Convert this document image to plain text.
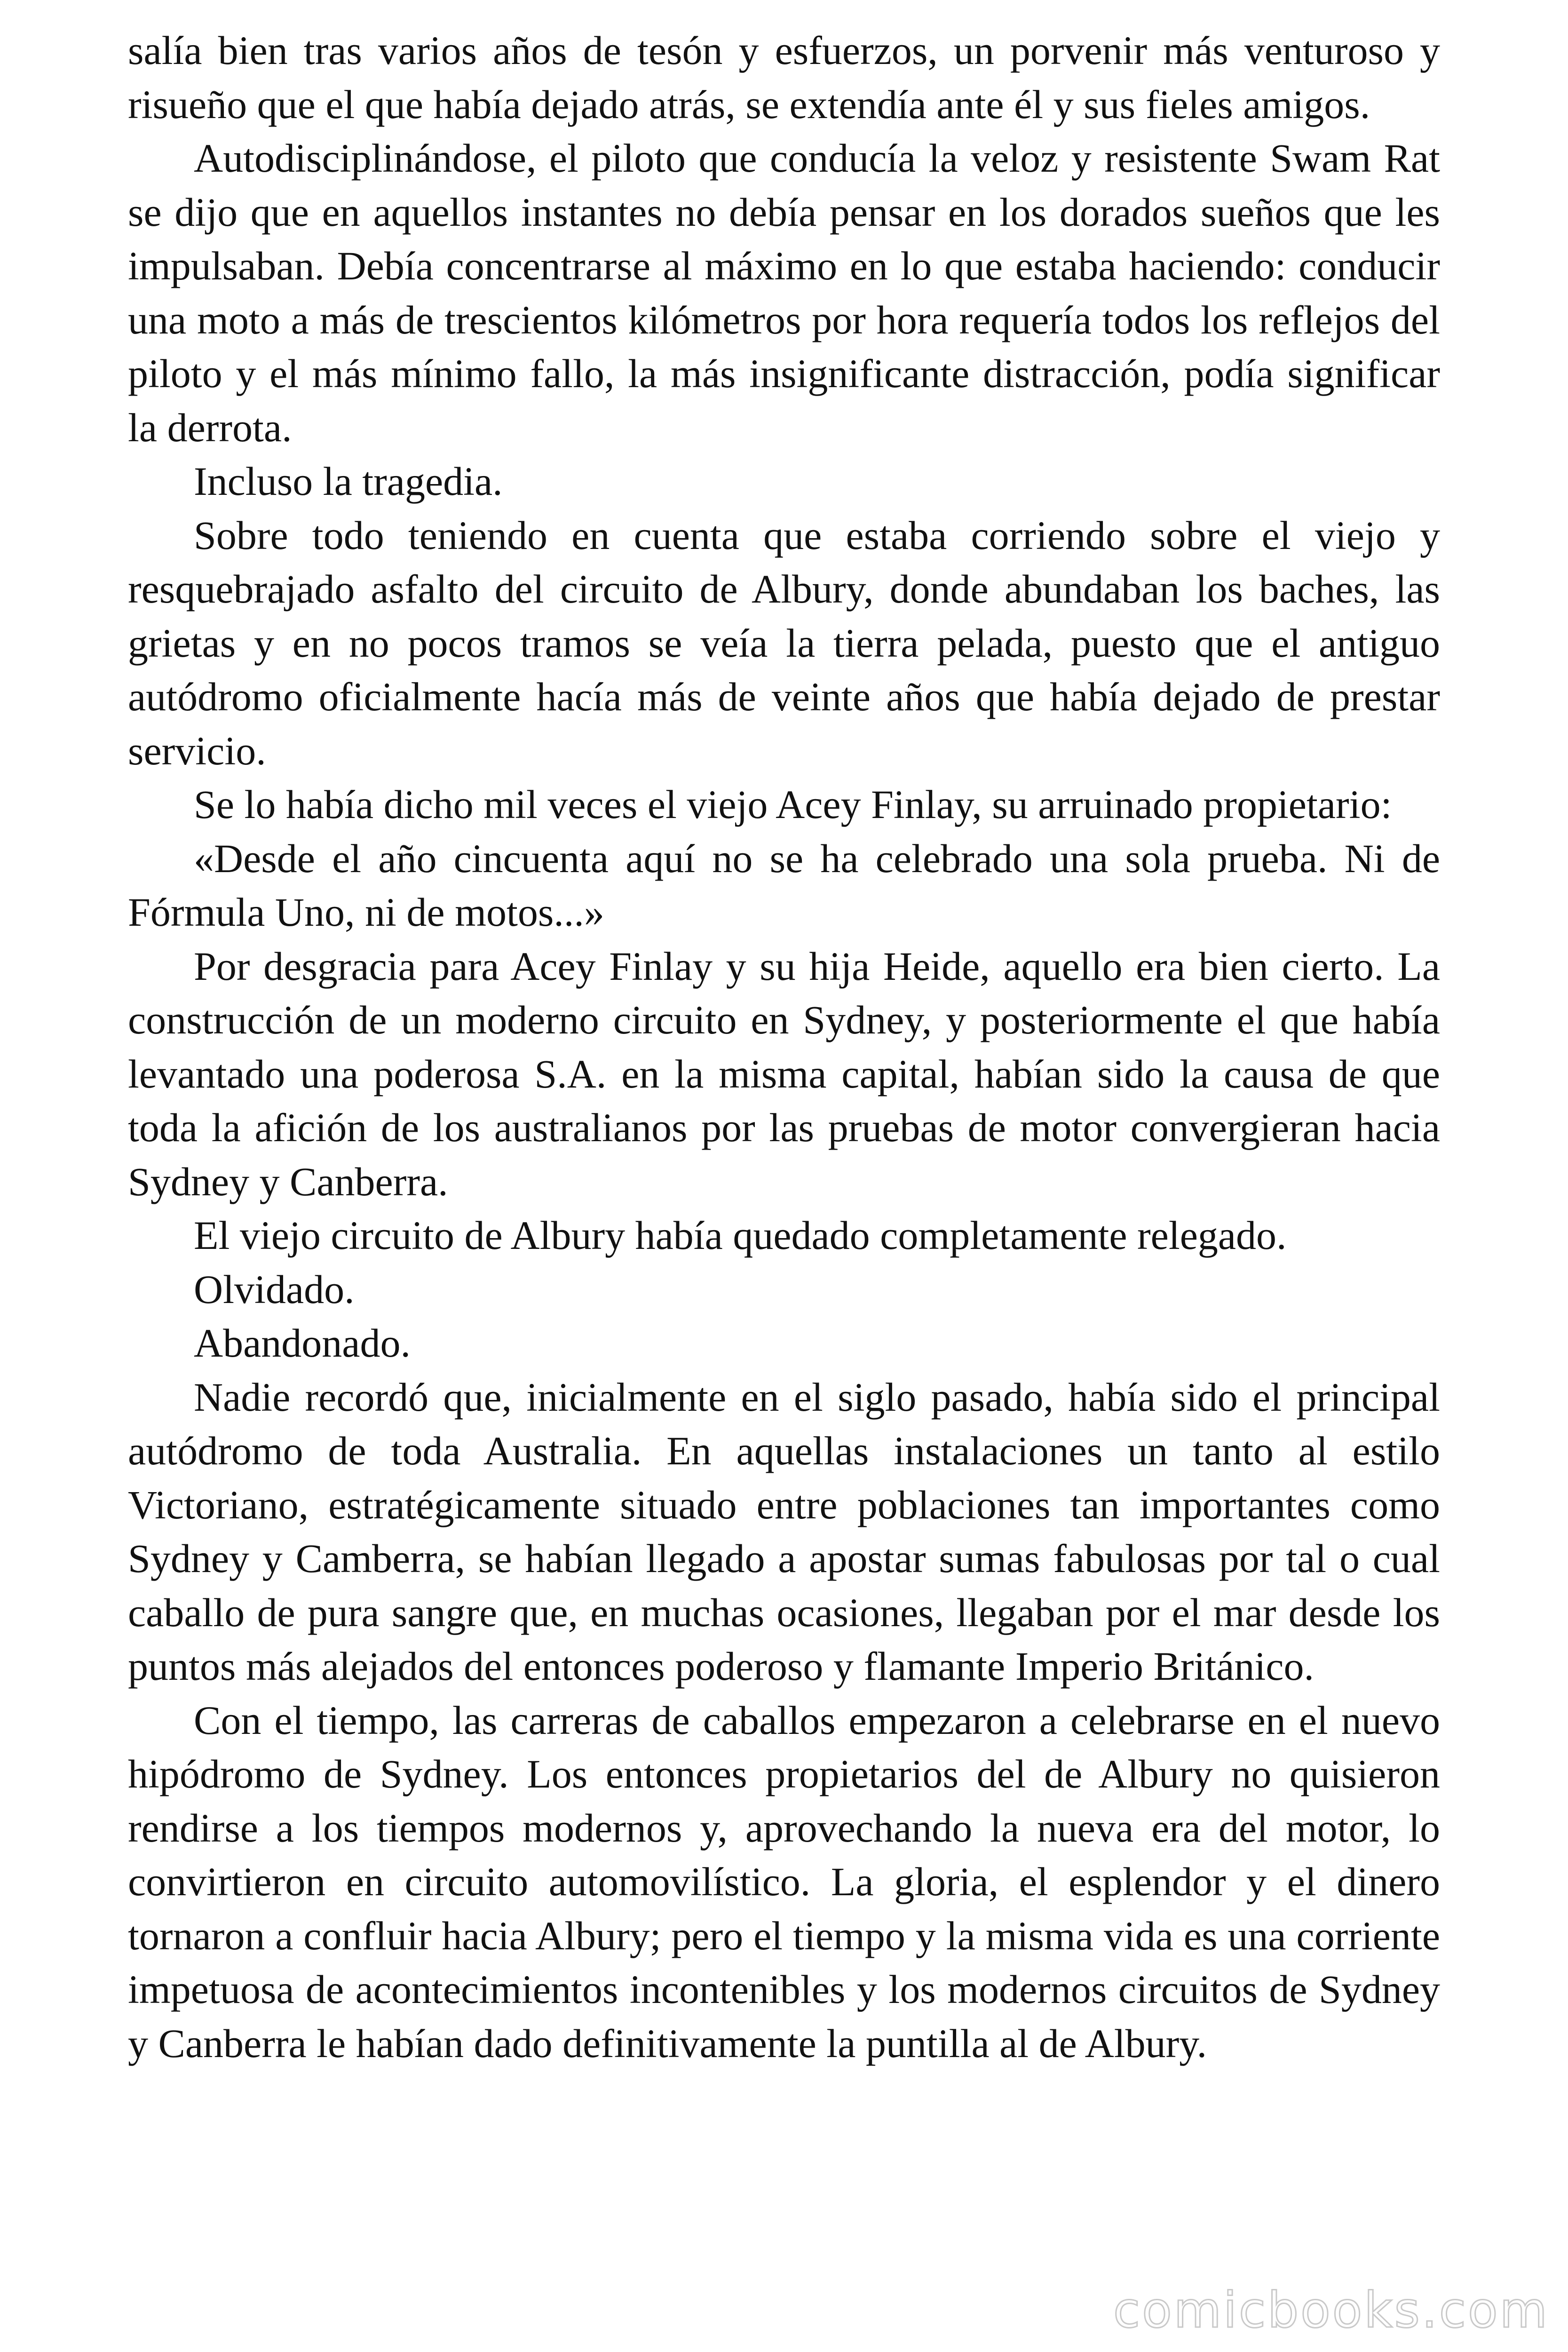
salía bien tras varios años de tesón y esfuerzos, un porvenir más venturoso y risueño que el que había dejado atrás, se extendía ante él y sus fieles amigos.

Autodisciplinándose, el piloto que conducía la veloz y resistente Swam Rat se dijo que en aquellos instantes no debía pensar en los dorados sueños que les impulsaban. Debía concentrarse al máximo en lo que estaba haciendo: conducir una moto a más de trescientos kilómetros por hora requería todos los reflejos del piloto y el más mínimo fallo, la más insignificante distracción, podía significar la derrota.

Incluso la tragedia.

Sobre todo teniendo en cuenta que estaba corriendo sobre el viejo y resquebrajado asfalto del circuito de Albury, donde abundaban los baches, las grietas y en no pocos tramos se veía la tierra pelada, puesto que el antiguo autódromo oficialmente hacía más de veinte años que había dejado de prestar servicio.

Se lo había dicho mil veces el viejo Acey Finlay, su arruinado propietario:

«Desde el año cincuenta aquí no se ha celebrado una sola prueba. Ni de Fórmula Uno, ni de motos...»

Por desgracia para Acey Finlay y su hija Heide, aquello era bien cierto. La construcción de un moderno circuito en Sydney, y posteriormente el que había levantado una poderosa S.A. en la misma capital, habían sido la causa de que toda la afición de los australianos por las pruebas de motor convergieran hacia Sydney y Canberra.

El viejo circuito de Albury había quedado completamente relegado.

Olvidado.

Abandonado.

Nadie recordó que, inicialmente en el siglo pasado, había sido el principal autódromo de toda Australia. En aquellas instalaciones un tanto al estilo Victoriano, estratégicamente situado entre poblaciones tan importantes como Sydney y Camberra, se habían llegado a apostar sumas fabulosas por tal o cual caballo de pura sangre que, en muchas ocasiones, llegaban por el mar desde los puntos más alejados del entonces poderoso y flamante Imperio Británico.

Con el tiempo, las carreras de caballos empezaron a celebrarse en el nuevo hipódromo de Sydney. Los entonces propietarios del de Albury no quisieron rendirse a los tiempos modernos y, aprovechando la nueva era del motor, lo convirtieron en circuito automovilístico. La gloria, el esplendor y el dinero tornaron a confluir hacia Albury; pero el tiempo y la misma vida es una corriente impetuosa de acontecimientos incontenibles y los modernos circuitos de Sydney y Canberra le habían dado definitivamente la puntilla al de Albury.

comicbooks.com
